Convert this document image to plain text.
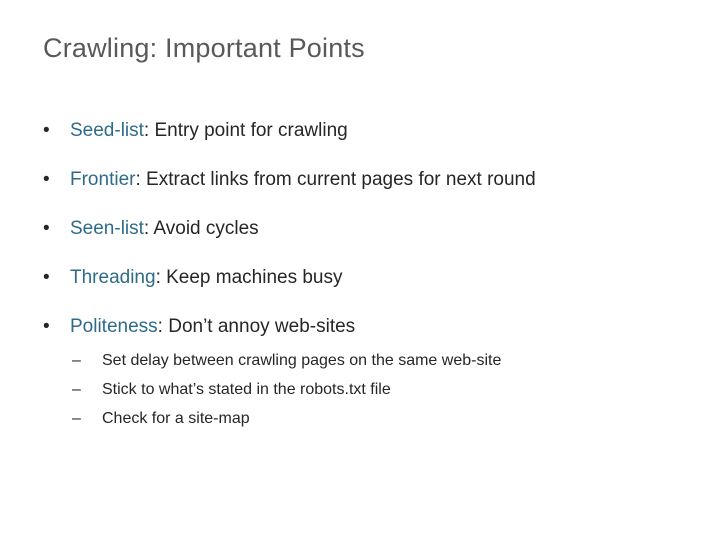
Crawling: Important Points
•	Seed-list: Entry point for crawling
•	Frontier: Extract links from current pages for next round
•	Seen-list: Avoid cycles
•	Threading: Keep machines busy
•	Politeness: Don’t annoy web-sites
– Set delay between crawling pages on the same web-site
– Stick to what’s stated in the robots.txt file
– Check for a site-map
